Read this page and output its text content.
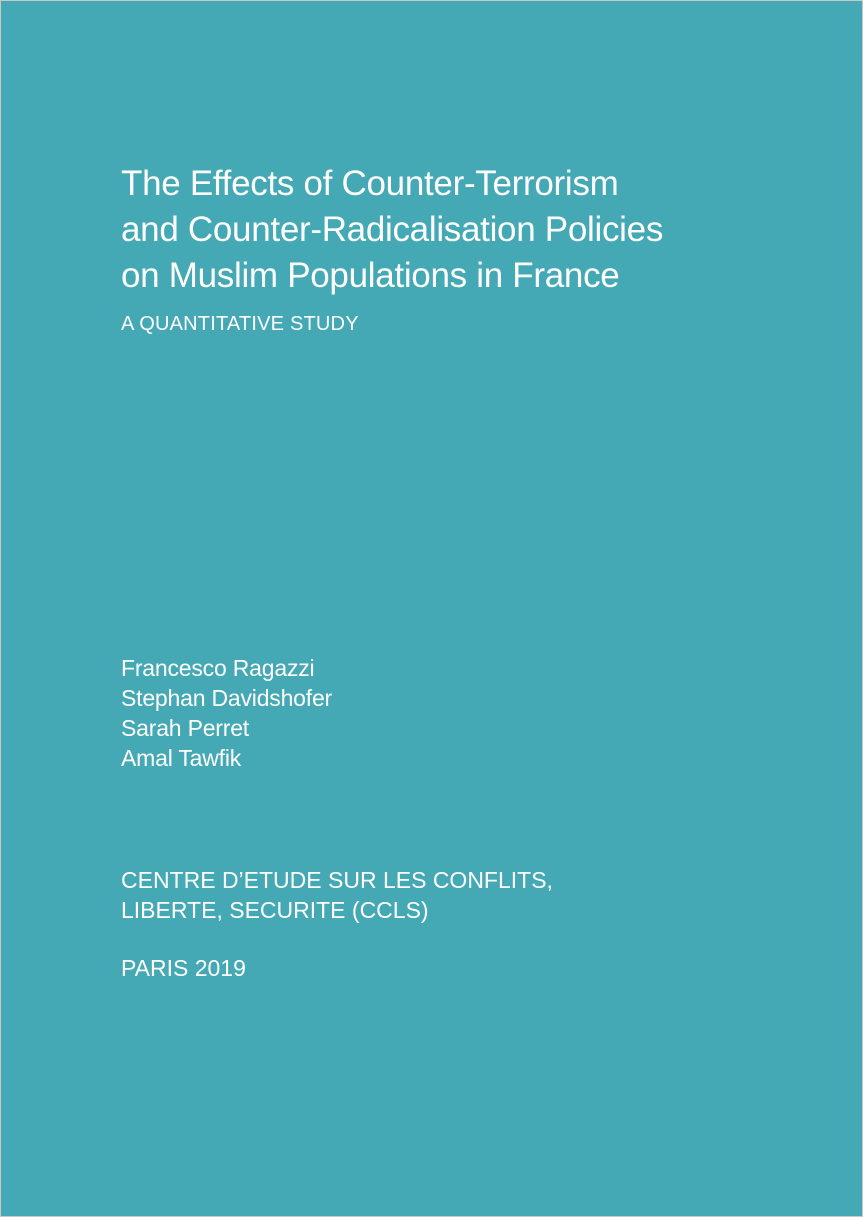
The Effects of Counter-Terrorism
and Counter-Radicalisation Policies
on Muslim Populations in France
A QUANTITATIVE STUDY
Francesco Ragazzi
Stephan Davidshofer
Sarah Perret
Amal Tawfik
CENTRE D’ETUDE SUR LES CONFLITS,
LIBERTE, SECURITE (CCLS)
PARIS 2019
